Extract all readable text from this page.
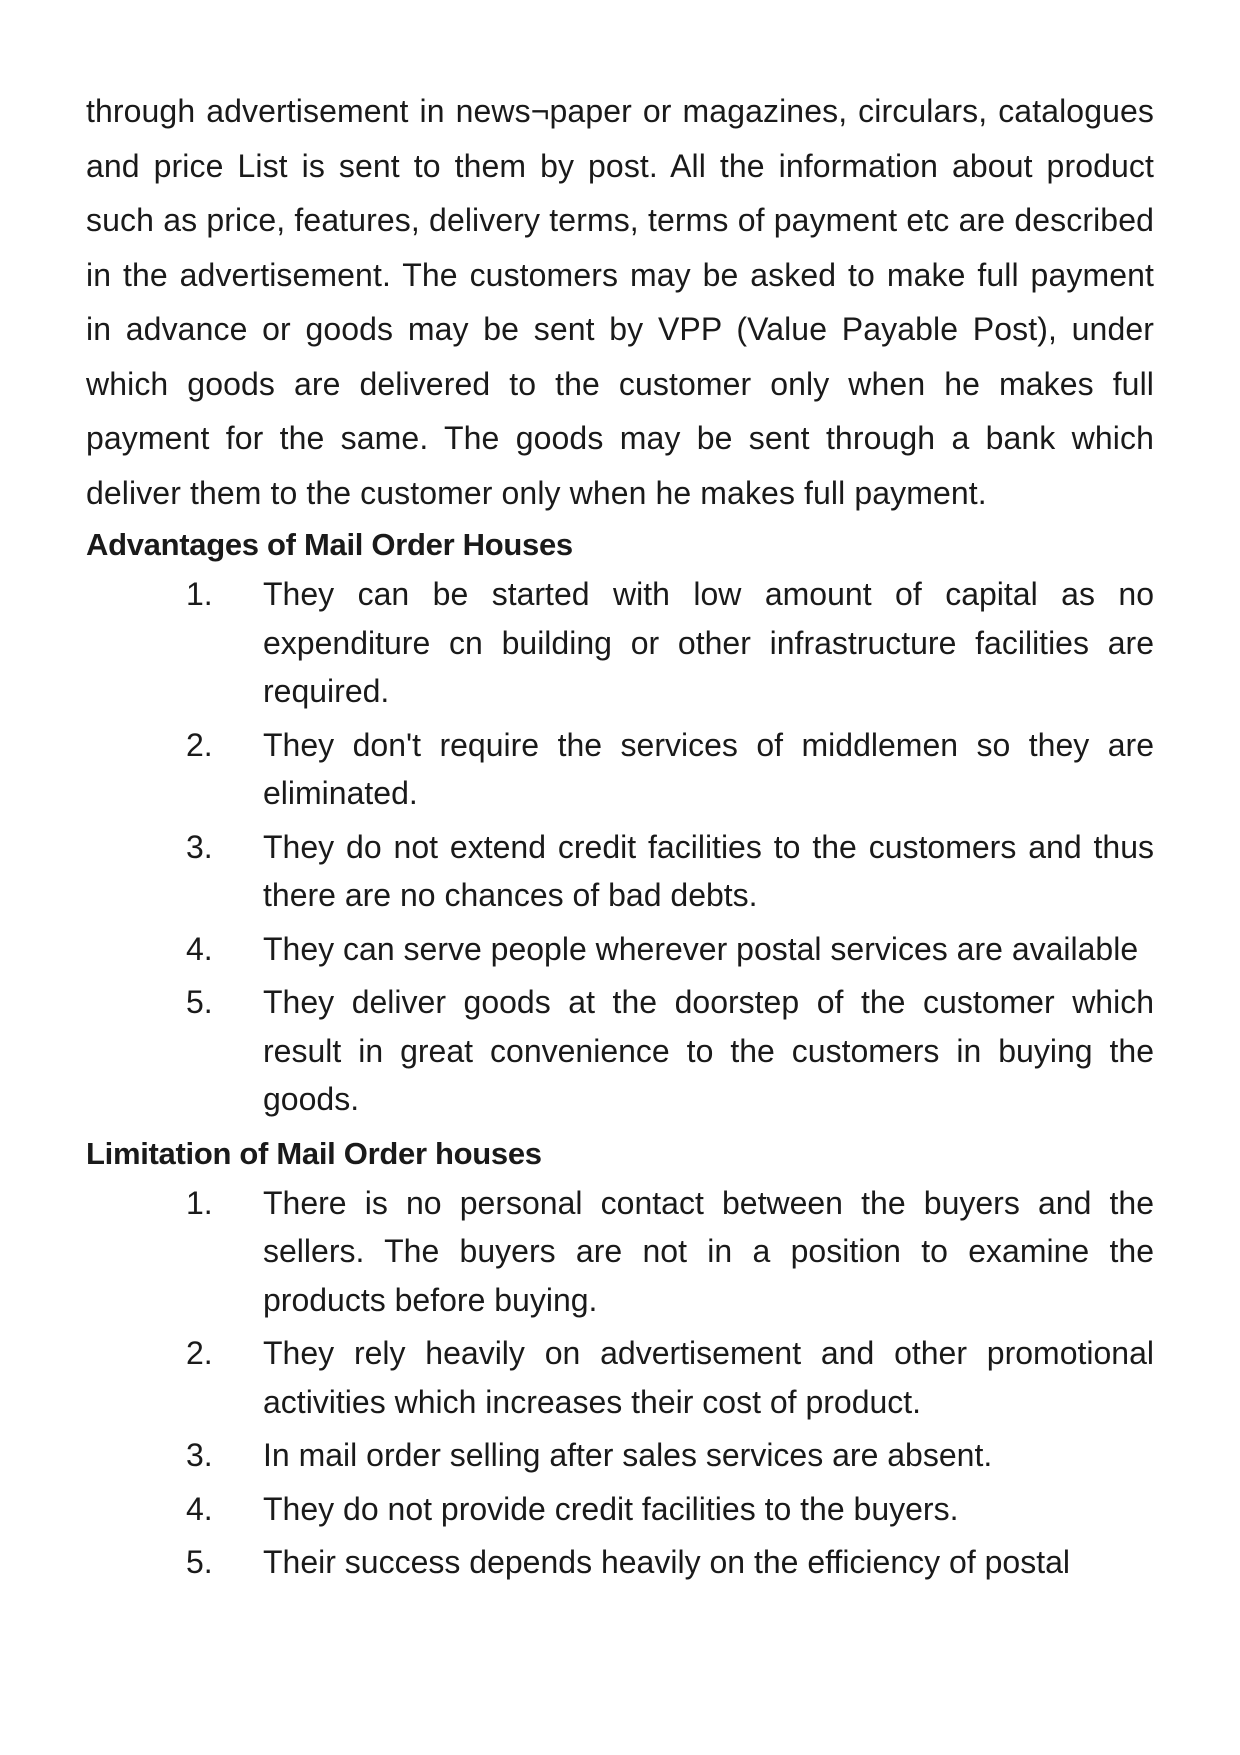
through advertisement in news¬paper or magazines, circulars, catalogues and price List is sent to them by post. All the information about product such as price, features, delivery terms, terms of payment etc are described in the advertisement. The customers may be asked to make full payment in advance or goods may be sent by VPP (Value Payable Post), under which goods are delivered to the customer only when he makes full payment for the same. The goods may be sent through a bank which deliver them to the customer only when he makes full payment.

Advantages of Mail Order Houses
1. They can be started with low amount of capital as no expenditure cn building or other infrastructure facilities are required.
2. They don't require the services of middlemen so they are eliminated.
3. They do not extend credit facilities to the customers and thus there are no chances of bad debts.
4. They can serve people wherever postal services are available
5. They deliver goods at the doorstep of the customer which result in great convenience to the customers in buying the goods.
Limitation of Mail Order houses
1. There is no personal contact between the buyers and the sellers. The buyers are not in a position to examine the products before buying.
2. They rely heavily on advertisement and other promotional activities which increases their cost of product.
3. In mail order selling after sales services are absent.
4. They do not provide credit facilities to the buyers.
5. Their success depends heavily on the efficiency of postal
